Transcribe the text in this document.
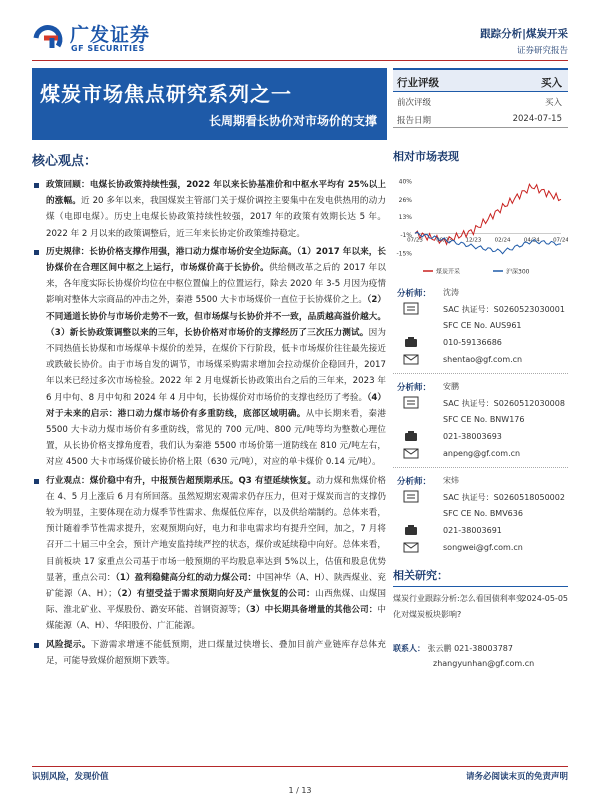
广发证券
GF SECURITIES
跟踪分析|煤炭开采
证券研究报告
煤炭市场焦点研究系列之一
长周期看长协价对市场价的支撑
行业评级	买入
前次评级	买入
报告日期	2024-07-15
核心观点：
政策回顾：电煤长协政策持续性强，2022 年以来长协基准价和中枢水平均有 25%以上的涨幅。近 20 多年以来，我国煤炭主管部门关于煤价调控主要集中在发电供热用的动力煤（电即电煤）。历史上电煤长协政策持续性较强，2017 年的政策有效期长达 5 年。2022 年 2 月以来的政策调整后，近三年来长协定价政策维持稳定。
历史规律：长协价格支撑作用强，港口动力煤市场价安全边际高。（1）2017 年以来，长协煤价在合理区间中枢之上运行，市场煤价高于长协价。供给侧改革之后的 2017 年以来，各年度实际长协煤价均位在中枢位置偏上的位置运行，除去 2020 年 3-5 月因为疫情影响对整体大宗商品的冲击之外，秦港 5500 大卡市场煤价一直位于长协煤价之上。（2）不同通道长协价与市场价走势不一致，但市场煤与长协价并不一致，品质越高溢价越大。（3）新长协政策调整以来的三年，长协价格对市场价的支撑经历了三次压力测试。因为不同热值长协煤和市场煤单卡煤价的差异，在煤价下行阶段，低卡市场煤价往往最先接近或跌破长协价。由于市场自发的调节，市场煤采购需求增加会拉动煤价企稳回升，2017 年以来已经过多次市场检验。2022 年 2 月电煤新长协政策出台之后的三年来，2023 年 6 月中旬、8 月中旬和 2024 年 4 月中旬，长协煤价对市场价的支撑也经历了考验。（4）对于未来的启示：港口动力煤市场价有多重防线，底部区域明确。从中长期来看，秦港 5500 大卡动力煤市场价有多重防线，常见的 700 元/吨、800 元/吨等均为整数心理位置，从长协价格支撑角度看，我们认为秦港 5500 市场价第一道防线在 810 元/吨左右，对应 4500 大卡市场煤价破长协价格上限（630 元/吨），对应的单卡煤价 0.14 元/吨）。
行业观点：煤价稳中有升，中报预告超预期承压。Q3 有望延续恢复。动力煤和焦煤价格在 4、5 月上涨后 6 月有所回落。虽然短期宏观需求仍存压力，但对于煤炭而言的支撑仍较为明显，主要体现在动力煤季节性需求、焦煤低位库存，以及供给端制约。总体来看，预计随着季节性需求提升，宏观预期向好，电力和非电需求均有提升空间，加之，7 月将召开二十届三中全会，预计产地安监持续严控的状态，煤价或延续稳中向好。总体来看，目前板块 17 家重点公司基于市场一般预期的平均股息率达到 5%以上，估值和股息优势显著，重点公司：（1）盈利稳健高分红的动力煤公司：中国神华（A、H）、陕西煤业、兖矿能源（A、H）；（2）有望受益于需求预期向好及产量恢复的公司：山西焦煤、山煤国际、淮北矿业、平煤股份、潞安环能、首钢资源等；（3）中长期具备增量的其他公司：中煤能源（A、H）、华阳股份、广汇能源。
风险提示。下游需求增速不能低预期，进口煤量过快增长、叠加目前产业链库存总体充足，可能导致煤价超预期下跌等。
相对市场表现
40%
26%
13%
-1%
-15%
07/23 09/23 12/23 02/24 04/24 07/24
煤炭开采	沪深300
分析师： 沈涛
SAC 执证号：S0260523030001
SFC CE No. AUS961
010-59136686
shentao@gf.com.cn
分析师： 安鹏
SAC 执证号：S0260512030008
SFC CE No. BNW176
021-38003693
anpeng@gf.com.cn
分析师： 宋炜
SAC 执证号：S0260518050002
SFC CE No. BMV636
021-38003691
songwei@gf.com.cn
相关研究：
煤炭行业跟踪分析:怎么看国债利率变化对煤炭板块影响?
2024-05-05
联系人： 张云鹏 021-38003787
zhangyunhan@gf.com.cn
识别风险，发现价值	请务必阅读末页的免责声明
1 / 13
